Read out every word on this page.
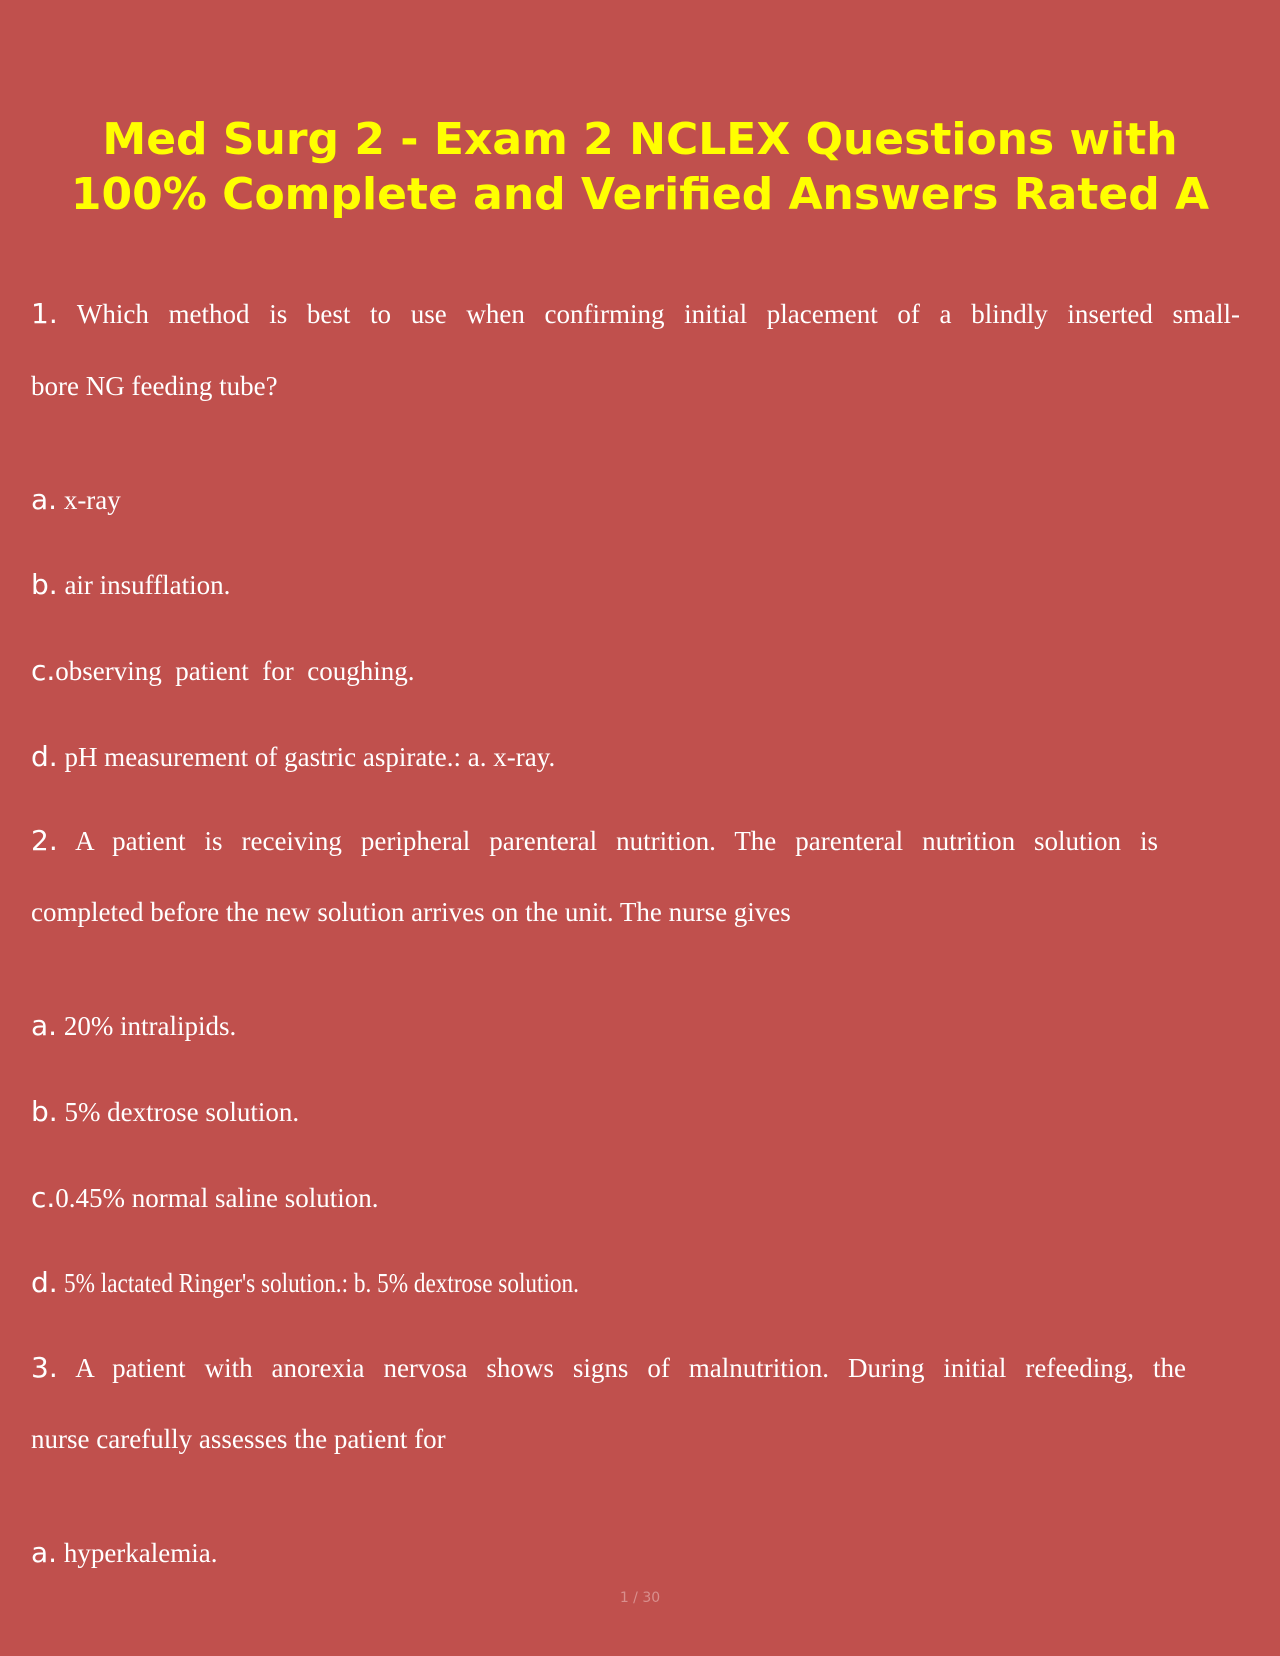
Med Surg 2 - Exam 2 NCLEX Questions with
100% Complete and Verified Answers Rated A

1. Which method is best to use when confirming initial placement of a blindly inserted small-

bore NG feeding tube?

a. x-ray

b. air insufflation.

c.observing  patient  for  coughing.

d. pH measurement of gastric aspirate.: a. x-ray.

2. A patient is receiving peripheral parenteral nutrition. The parenteral nutrition solution is

completed before the new solution arrives on the unit. The nurse gives

a. 20% intralipids.

b. 5% dextrose solution.

c.0.45% normal saline solution.

d. 5% lactated Ringer's solution.: b. 5% dextrose solution.

3. A patient with anorexia nervosa shows signs of malnutrition. During initial refeeding, the

nurse carefully assesses the patient for

a. hyperkalemia.

1 / 30
